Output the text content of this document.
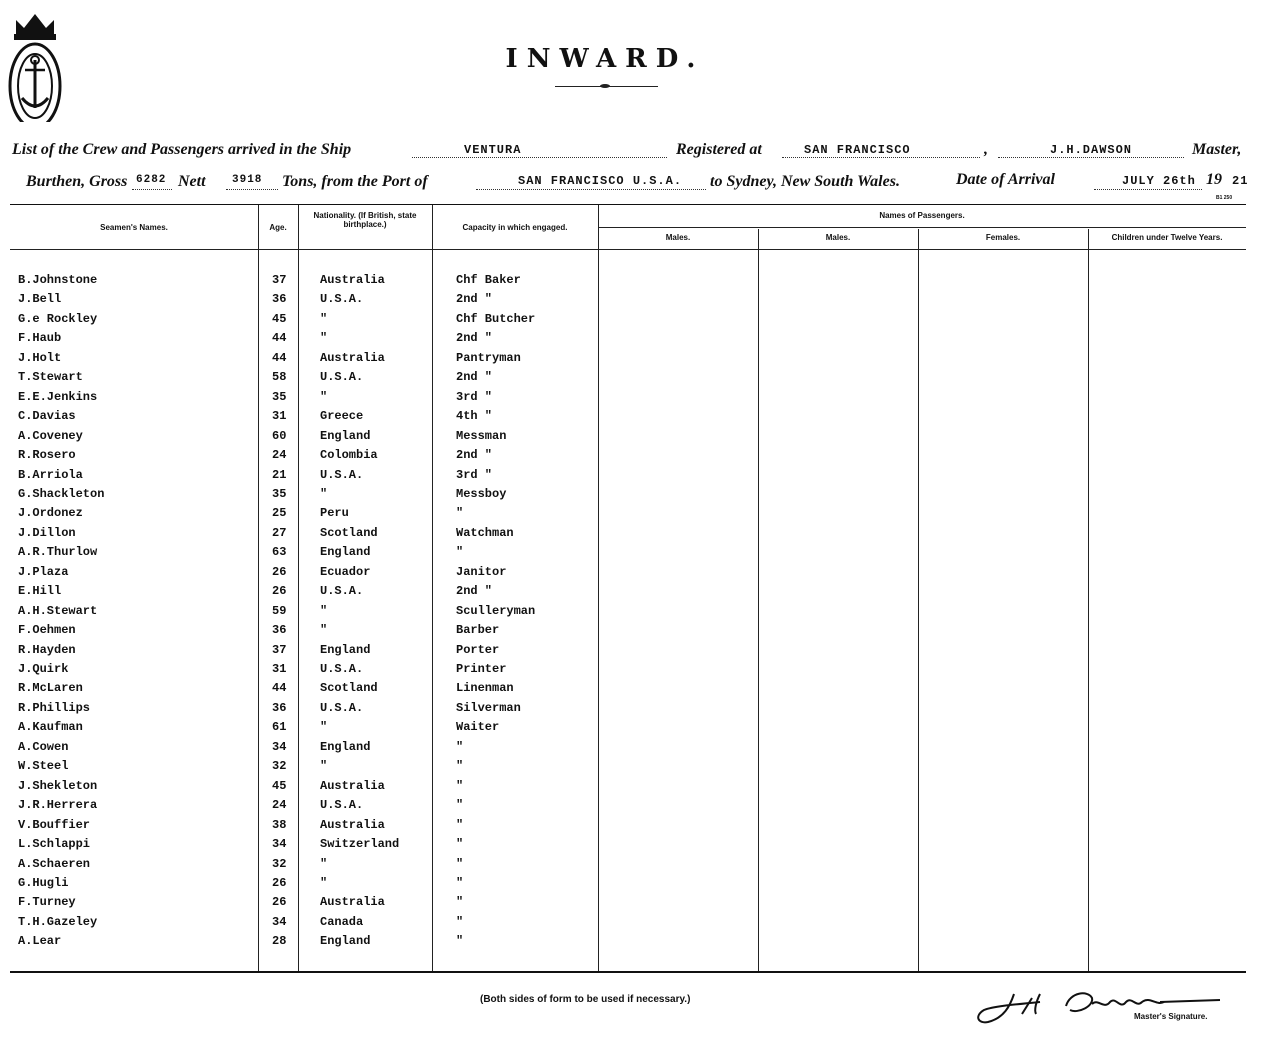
INWARD.
List of the Crew and Passengers arrived in the Ship	VENTURA	Registered at	SAN FRANCISCO	,	J.H.DAWSON	Master,
Burthen, Gross 6282 Nett 3918 Tons, from the Port of	SAN FRANCISCO U.S.A. to Sydney, New South Wales.	Date of Arrival	JULY 26th 19 21
B1 250
Seamen's Names.	Age.
Nationality. (If British, state birthplace.)	Capacity in which engaged.
Names of Passengers.
Males.	Males.	Females.	Children under Twelve Years.
B.Johnstone	37	Australia	Chf Baker
J.Bell	36	U.S.A.	2nd "
G.e Rockley	45	"	Chf Butcher
F.Haub	44	"	2nd "
J.Holt	44	Australia	Pantryman
T.Stewart	58	U.S.A.	2nd "
E.E.Jenkins	35	"	3rd "
C.Davias	31	Greece	4th "
A.Coveney	60	England	Messman
R.Rosero	24	Colombia	2nd "
B.Arriola	21	U.S.A.	3rd "
G.Shackleton	35	"	Messboy
J.Ordonez	25	Peru	"
J.Dillon	27	Scotland	Watchman
A.R.Thurlow	63	England	"
J.Plaza	26	Ecuador	Janitor
E.Hill	26	U.S.A.	2nd "
A.H.Stewart	59	"	Sculleryman
F.Oehmen	36	"	Barber
R.Hayden	37	England	Porter
J.Quirk	31	U.S.A.	Printer
R.McLaren	44	Scotland	Linenman
R.Phillips	36	U.S.A.	Silverman
A.Kaufman	61	"	Waiter
A.Cowen	34	England	"
W.Steel	32	"	"
J.Shekleton	45	Australia	"
J.R.Herrera	24	U.S.A.	"
V.Bouffier	38	Australia	"
L.Schlappi	34	Switzerland	"
A.Schaeren	32	"	"
G.Hugli	26	"	"
F.Turney	26	Australia	"
T.H.Gazeley	34	Canada	"
A.Lear	28	England	"
(Both sides of form to be used if necessary.)
Master's Signature.
